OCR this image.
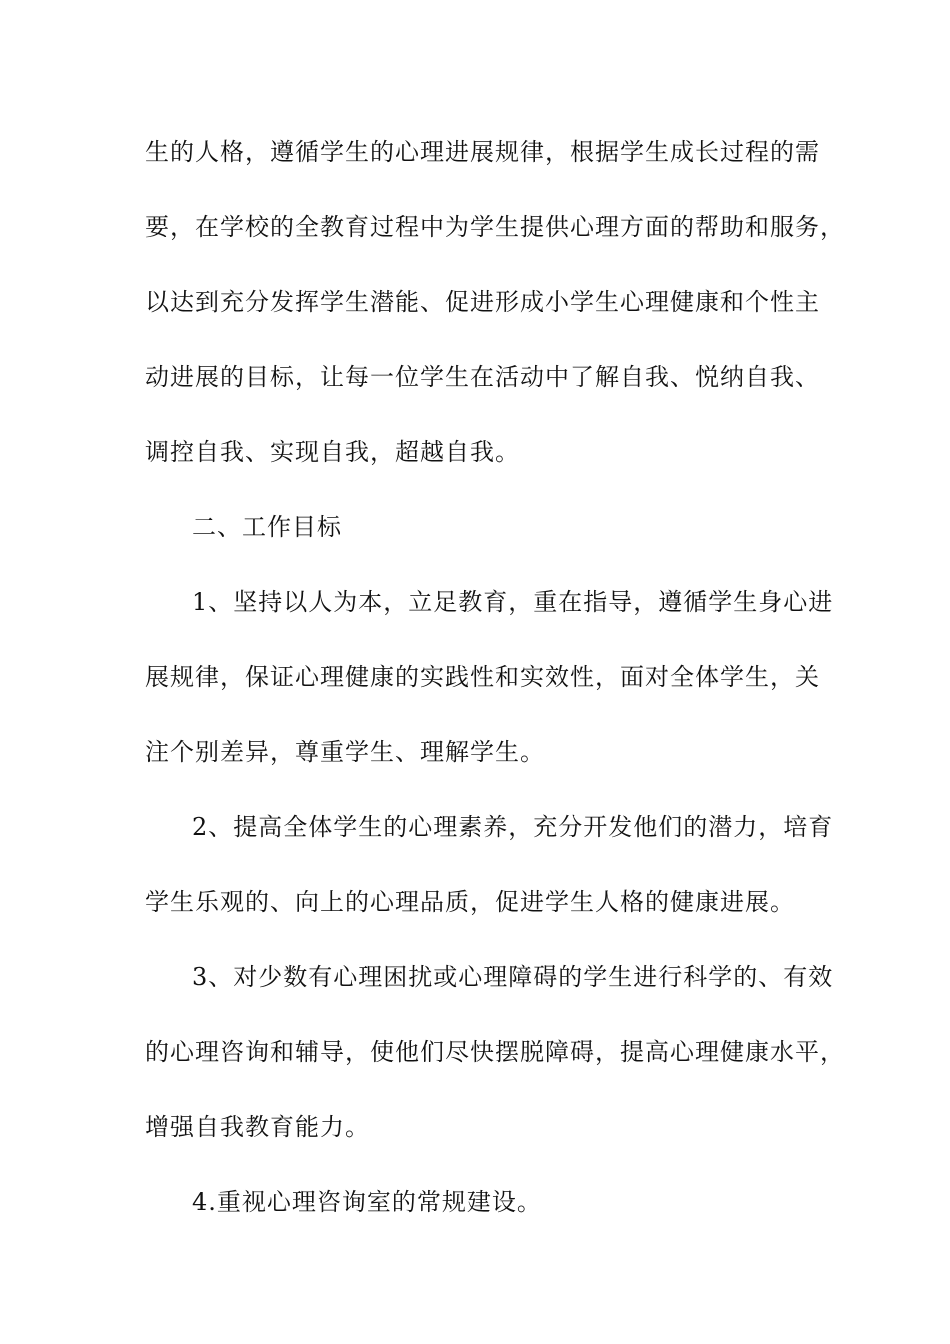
生的人格，遵循学生的心理进展规律，根据学生成长过程的需
要，在学校的全教育过程中为学生提供心理方面的帮助和服务，
以达到充分发挥学生潜能、促进形成小学生心理健康和个性主
动进展的目标，让每一位学生在活动中了解自我、悦纳自我、
调控自我、实现自我，超越自我。
二、工作目标
1、坚持以人为本，立足教育，重在指导，遵循学生身心进
展规律，保证心理健康的实践性和实效性，面对全体学生，关
注个别差异，尊重学生、理解学生。
2、提高全体学生的心理素养，充分开发他们的潜力，培育
学生乐观的、向上的心理品质，促进学生人格的健康进展。
3、对少数有心理困扰或心理障碍的学生进行科学的、有效
的心理咨询和辅导，使他们尽快摆脱障碍，提高心理健康水平，
增强自我教育能力。
4.重视心理咨询室的常规建设。
